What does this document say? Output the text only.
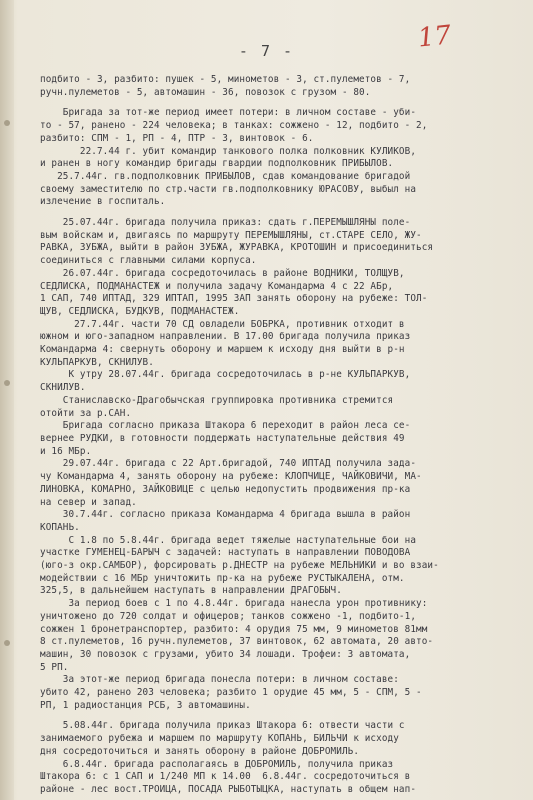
- 7 -	17
подбито - 3, разбито: пушек - 5, минометов - 3, ст.пулеметов - 7,
ручн.пулеметов - 5, автомашин - 36, повозок с грузом - 80.
Бригада за тот-же период имеет потери: в личном составе - уби-
то - 57, ранено - 224 человека; в танках: сожжено - 12, подбито - 2,
разбито: СПМ - 1, РП - 4, ПТР - 3, винтовок - 6.
22.7.44 г. убит командир танкового полка полковник КУЛИКОВ,
и ранен в ногу командир бригады гвардии подполковник ПРИБЫЛОВ.
25.7.44г. гв.подполковник ПРИБЫЛОВ, сдав командование бригадой
своему заместителю по стр.части гв.подполковнику ЮРАСОВУ, выбыл на
излечение в госпиталь.
25.07.44г. бригада получила приказ: сдать г.ПЕРЕМЫШЛЯНЫ поле-
вым войскам и, двигаясь по маршруту ПЕРЕМЫШЛЯНЫ, ст.СТАРЕ СЕЛО, ЖУ-
РАВКА, ЗУБЖА, выйти в район ЗУБЖА, ЖУРАВКА, КРОТОШИН и присоединиться
соединиться с главными силами корпуса.
26.07.44г. бригада сосредоточилась в районе ВОДНИКИ, ТОЛЩУВ,
СЕДЛИСКА, ПОДМАНАСТЕЖ и получила задачу Командарма 4 с 22 АБр,
1 САП, 740 ИПТАД, 329 ИПТАП, 1995 ЗАП занять оборону на рубеже: ТОЛ-
ЩУВ, СЕДЛИСКА, БУДКУВ, ПОДМАНАСТЕЖ.
27.7.44г. части 70 СД овладели БОБРКА, противник отходит в
южном и юго-западном направлении. В 17.00 бригада получила приказ
Командарма 4: свернуть оборону и маршем к исходу дня выйти в р-н
КУЛЬПАРКУВ, СКНИЛУВ.
К утру 28.07.44г. бригада сосредоточилась в р-не КУЛЬПАРКУВ,
СКНИЛУВ.
Станиславско-Драгобычская группировка противника стремится
отойти за р.САН.
Бригада согласно приказа Штакора 6 переходит в район леса се-
вернее РУДКИ, в готовности поддержать наступательные действия 49
и 16 МБр.
29.07.44г. бригада с 22 Арт.бригадой, 740 ИПТАД получила зада-
чу Командарма 4, занять оборону на рубеже: КЛОПЧИЦЕ, ЧАЙКОВИЧИ, МА-
ЛИНОВКА, КОМАРНО, ЗАЙКОВИЦЕ с целью недопустить продвижения пр-ка
на север и запад.
30.7.44г. согласно приказа Командарма 4 бригада вышла в район
КОПАНЬ.
С 1.8 по 5.8.44г. бригада ведет тяжелые наступательные бои на
участке ГУМЕНЕЦ-БАРЫЧ с задачей: наступать в направлении ПОВОДОВА
(юго-з окр.САМБОР), форсировать р.ДНЕСТР на рубеже МЕЛЬНИКИ и во взаи-
модействии с 16 МБр уничтожить пр-ка на рубеже РУСТЫКАЛЕНА, отм.
325,5, в дальнейшем наступать в направлении ДРАГОБЫЧ.
За период боев с 1 по 4.8.44г. бригада нанесла урон противнику:
уничтожено до 720 солдат и офицеров; танков сожжено -1, подбито-1,
сожжен 1 бронетранспортер, разбито: 4 орудия 75 мм, 9 минометов 81мм
8 ст.пулеметов, 16 ручн.пулеметов, 37 винтовок, 62 автомата, 20 авто-
машин, 30 повозок с грузами, убито 34 лошади. Трофеи: 3 автомата,
5 РП.
За этот-же период бригада понесла потери: в личном составе:
убито 42, ранено 203 человека; разбито 1 орудие 45 мм, 5 - СПМ, 5 -
РП, 1 радиостанция РСБ, 3 автомашины.
5.08.44г. бригада получила приказ Штакора 6: отвести части с
занимаемого рубежа и маршем по маршруту КОПАНЬ, БИЛЬЧИ к исходу
дня сосредоточиться и занять оборону в районе ДОБРОМИЛЬ.
6.8.44г. бригада располагаясь в ДОБРОМИЛЬ, получила приказ
Штакора 6: с 1 САП и 1/240 МП к 14.00  6.8.44г. сосредоточиться в
районе - лес вост.ТРОИЦА, ПОСАДА РЫБОТЫЦКА, наступать в общем нап-
